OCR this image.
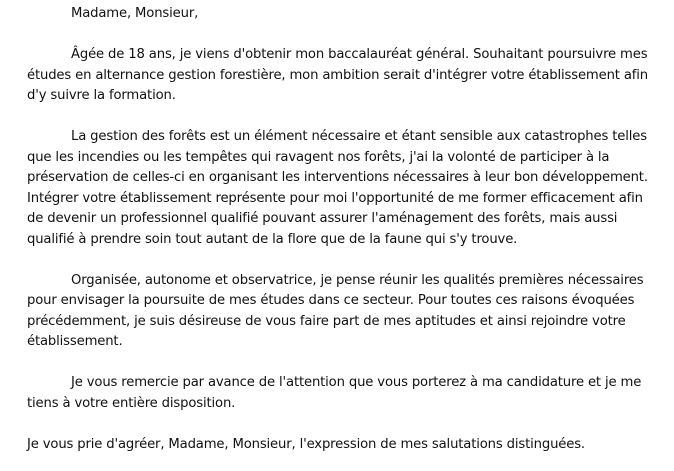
Madame, Monsieur,

Âgée de 18 ans, je viens d'obtenir mon baccalauréat général. Souhaitant poursuivre mes études en alternance gestion forestière, mon ambition serait d'intégrer votre établissement afin d'y suivre la formation.

La gestion des forêts est un élément nécessaire et étant sensible aux catastrophes telles que les incendies ou les tempêtes qui ravagent nos forêts, j'ai la volonté de participer à la préservation de celles-ci en organisant les interventions nécessaires à leur bon développement. Intégrer votre établissement représente pour moi l'opportunité de me former efficacement afin de devenir un professionnel qualifié pouvant assurer l'aménagement des forêts, mais aussi qualifié à prendre soin tout autant de la flore que de la faune qui s'y trouve.

Organisée, autonome et observatrice, je pense réunir les qualités premières nécessaires pour envisager la poursuite de mes études dans ce secteur. Pour toutes ces raisons évoquées précédemment, je suis désireuse de vous faire part de mes aptitudes et ainsi rejoindre votre établissement.

Je vous remercie par avance de l'attention que vous porterez à ma candidature et je me tiens à votre entière disposition.

Je vous prie d'agréer, Madame, Monsieur, l'expression de mes salutations distinguées.
